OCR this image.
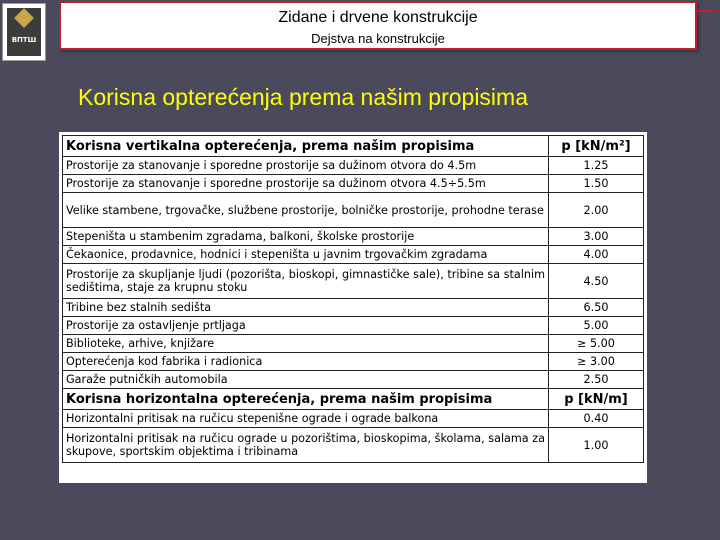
ВПТШ
Zidane i drvene konstrukcije
Dejstva na konstrukcije
Korisna opterećenja prema našim propisima
Korisna vertikalna opterećenja, prema našim propisima	p [kN/m²]
Prostorije za stanovanje i sporedne prostorije sa dužinom otvora do 4.5m	1.25
Prostorije za stanovanje i sporedne prostorije sa dužinom otvora 4.5÷5.5m	1.50
Velike stambene, trgovačke, službene prostorije, bolničke prostorije, prohodne terase	2.00
Stepeništa u stambenim zgradama, balkoni, školske prostorije	3.00
Čekaonice, prodavnice, hodnici i stepeništa u javnim trgovačkim zgradama	4.00
Prostorije za skupljanje ljudi (pozorišta, bioskopi, gimnastičke sale), tribine sa stalnim sedištima, staje za krupnu stoku	4.50
Tribine bez stalnih sedišta	6.50
Prostorije za ostavljenje prtljaga	5.00
Biblioteke, arhive, knjižare	≥ 5.00
Opterećenja kod fabrika i radionica	≥ 3.00
Garaže putničkih automobila	2.50
Korisna horizontalna opterećenja, prema našim propisima	p [kN/m]
Horizontalni pritisak na ručicu stepenišne ograde i ograde balkona	0.40
Horizontalni pritisak na ručicu ograde u pozorištima, bioskopima, školama, salama za skupove, sportskim objektima i tribinama	1.00
